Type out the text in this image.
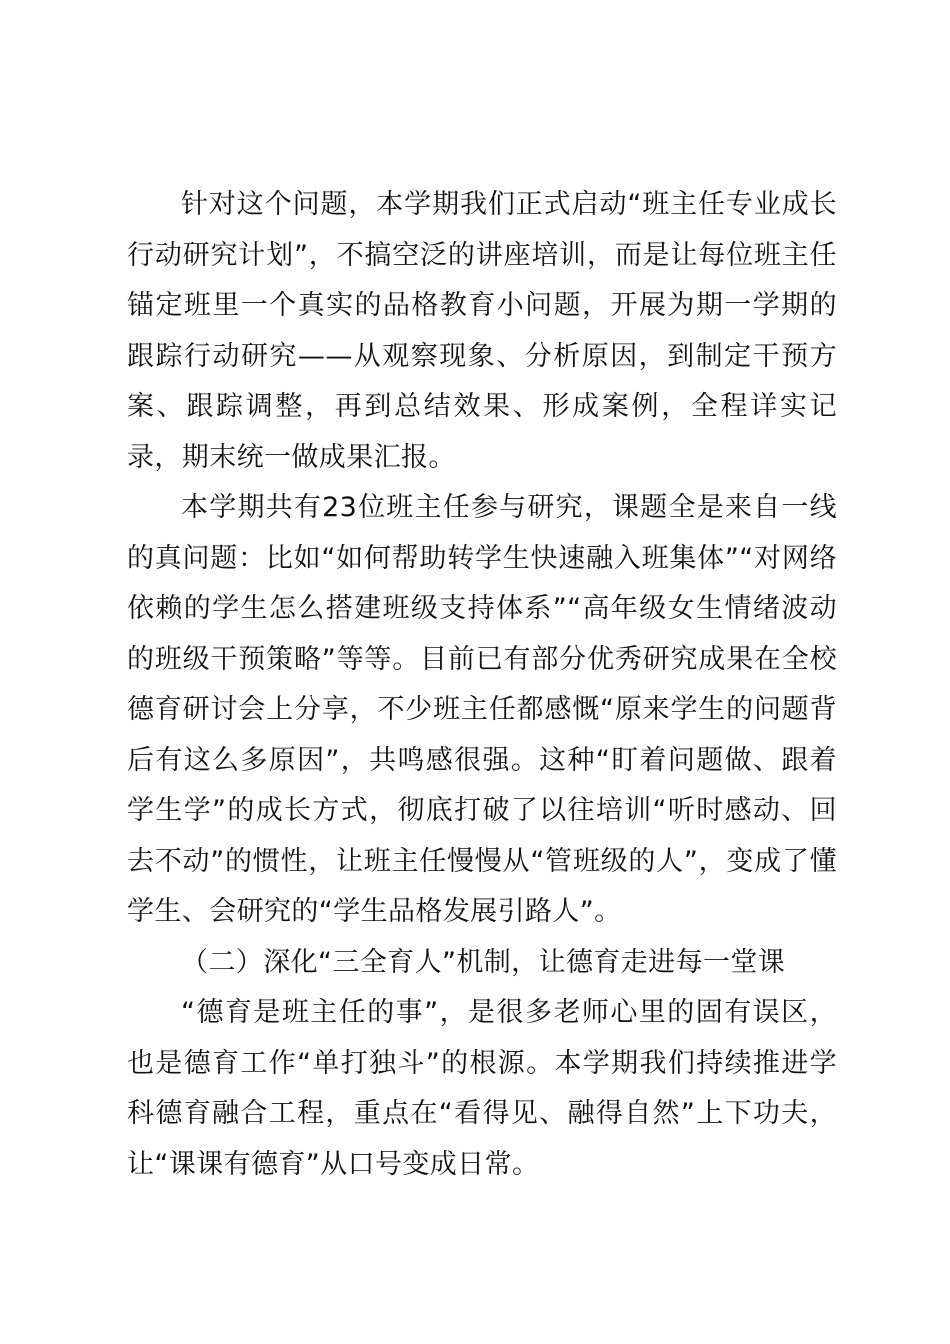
针对这个问题，本学期我们正式启动“班主任专业成长行动研究计划”，不搞空泛的讲座培训，而是让每位班主任锚定班里一个真实的品格教育小问题，开展为期一学期的跟踪行动研究——从观察现象、分析原因，到制定干预方案、跟踪调整，再到总结效果、形成案例，全程详实记录，期末统一做成果汇报。

本学期共有23位班主任参与研究，课题全是来自一线的真问题：比如“如何帮助转学生快速融入班集体”“对网络依赖的学生怎么搭建班级支持体系”“高年级女生情绪波动的班级干预策略”等等。目前已有部分优秀研究成果在全校德育研讨会上分享，不少班主任都感慨“原来学生的问题背后有这么多原因”，共鸣感很强。这种“盯着问题做、跟着学生学”的成长方式，彻底打破了以往培训“听时感动、回去不动”的惯性，让班主任慢慢从“管班级的人”，变成了懂学生、会研究的“学生品格发展引路人”。

（二）深化“三全育人”机制，让德育走进每一堂课

“德育是班主任的事”，是很多老师心里的固有误区，也是德育工作“单打独斗”的根源。本学期我们持续推进学科德育融合工程，重点在“看得见、融得自然”上下功夫，让“课课有德育”从口号变成日常。
